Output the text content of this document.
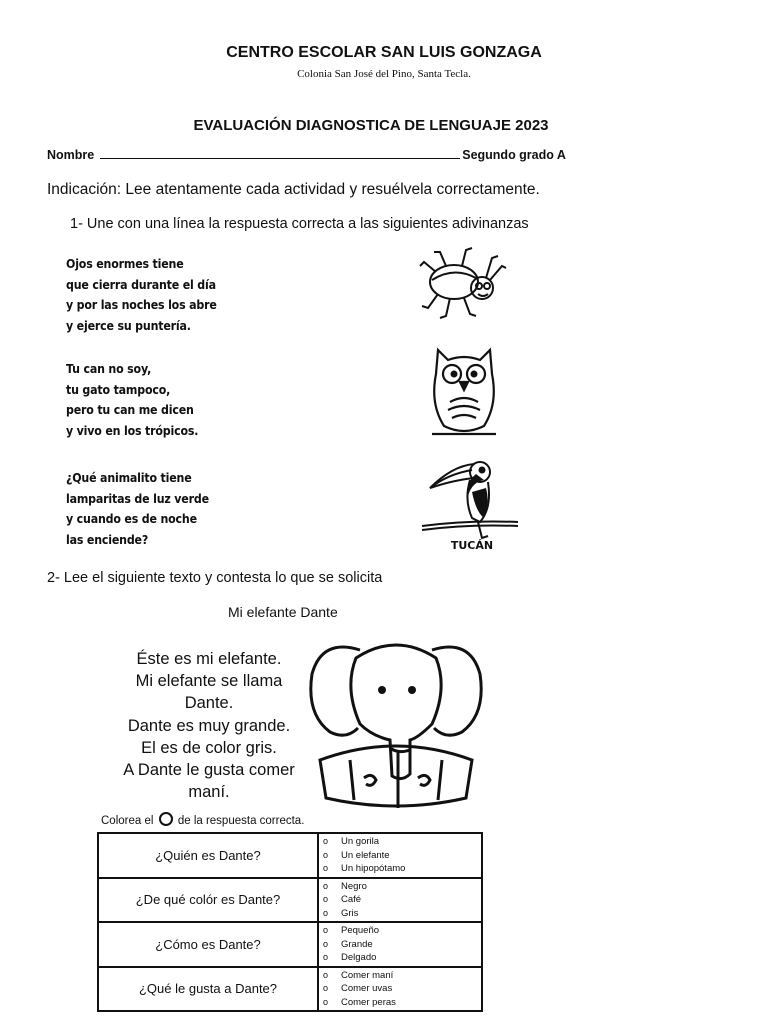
CENTRO ESCOLAR SAN LUIS GONZAGA
Colonia San José del Pino, Santa Tecla.
EVALUACIÓN DIAGNOSTICA DE LENGUAJE 2023
Nombre	Segundo grado A
Indicación: Lee atentamente cada actividad y resuélvela correctamente.
1- Une con una línea la respuesta correcta a las siguientes adivinanzas
Ojos enormes tiene
que cierra durante el día
y por las noches los abre
y ejerce su puntería.
Tu can no soy,
tu gato tampoco,
pero tu can me dicen
y vivo en los trópicos.
¿Qué animalito tiene
lamparitas de luz verde
y cuando es de noche
las enciende?	TUCÁN
2- Lee el siguiente texto y contesta lo que se solicita
Mi elefante Dante
Éste es mi elefante.
Mi elefante se llama
Dante.
Dante es muy grande.
El es de color gris.
A Dante le gusta comer
maní.
Colorea el de la respuesta correcta.
¿Quién es Dante?	o Un gorila
o Un elefante
o Un hipopótamo

¿De qué colór es Dante?	o Negro
o Café
o Gris

¿Cómo es Dante?	o Pequeño
o Grande
o Delgado

¿Qué le gusta a Dante?	o Comer maní
o Comer uvas
o Comer peras
